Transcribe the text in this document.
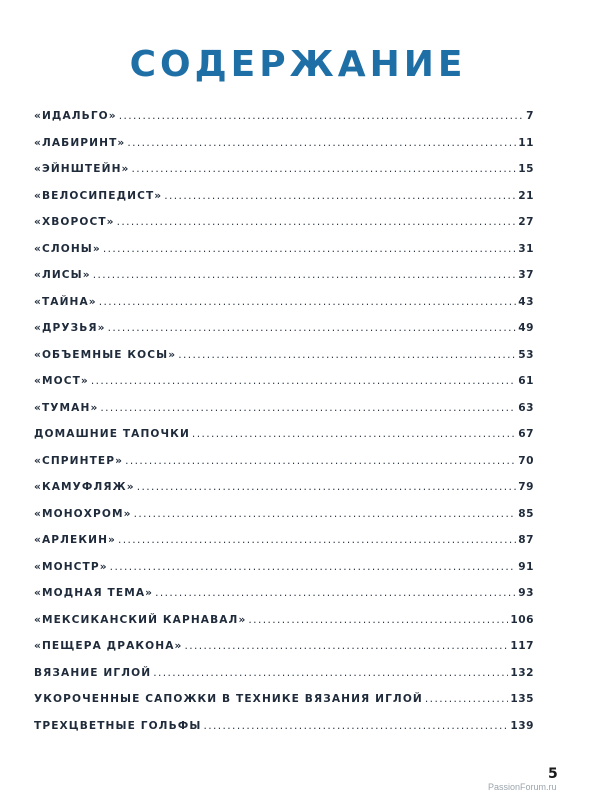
СОДЕРЖАНИЕ
«ИДАЛЬГО» .....	7
«ЛАБИРИНТ» .....	11
«ЭЙНШТЕЙН» .....	15
«ВЕЛОСИПЕДИСТ» .....	21
«ХВОРОСТ» .....	27
«СЛОНЫ» .....	31
«ЛИСЫ» .....	37
«ТАЙНА» .....	43
«ДРУЗЬЯ» .....	49
«ОБЪЕМНЫЕ КОСЫ» .....	53
«МОСТ» .....	61
«ТУМАН» .....	63
ДОМАШНИЕ ТАПОЧКИ .....	67
«СПРИНТЕР» .....	70
«КАМУФЛЯЖ» .....	79
«МОНОХРОМ» .....	85
«АРЛЕКИН» .....	87
«МОНСТР» .....	91
«МОДНАЯ ТЕМА» .....	93
«МЕКСИКАНСКИЙ КАРНАВАЛ» .....	106
«ПЕЩЕРА ДРАКОНА» .....	117
ВЯЗАНИЕ ИГЛОЙ .....	132
УКОРОЧЕННЫЕ САПОЖКИ В ТЕХНИКЕ ВЯЗАНИЯ ИГЛОЙ .....	135
ТРЕХЦВЕТНЫЕ ГОЛЬФЫ .....	139
5
PassionForum.ru
